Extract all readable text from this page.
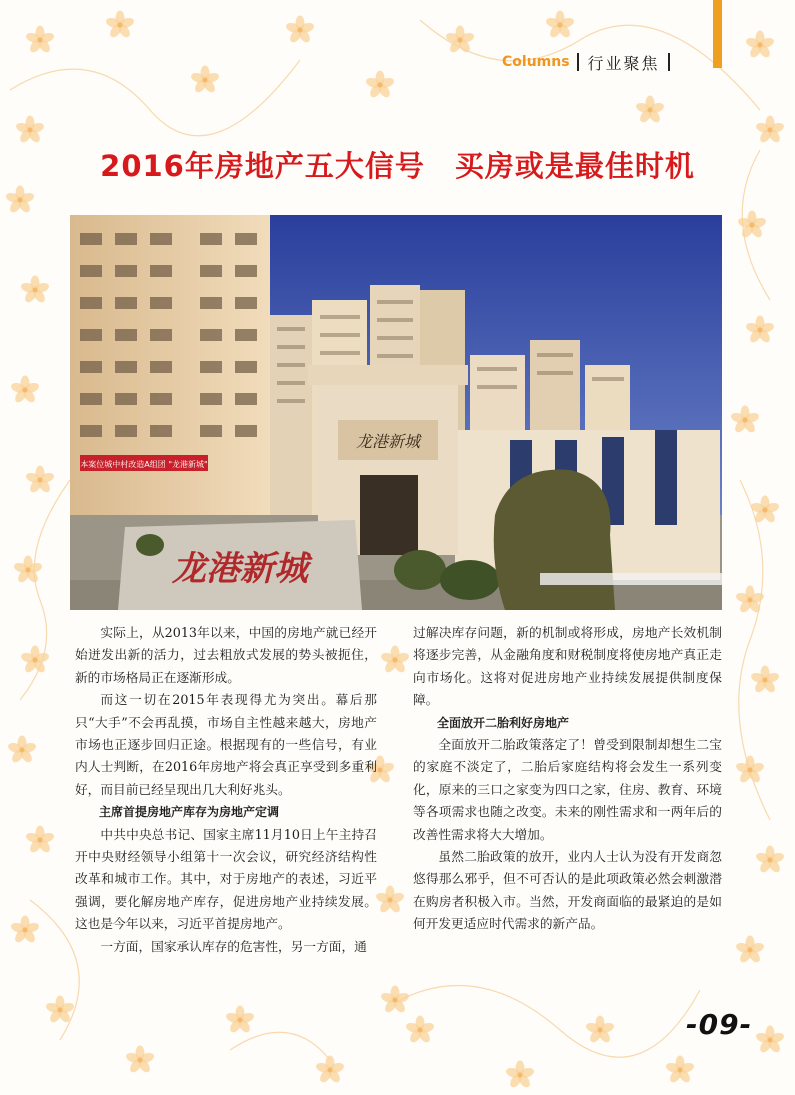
Columns 行业聚焦
2016年房地产五大信号　买房或是最佳时机
本案位城中村改造A组团 "龙港新城"
龙港新城
龙港新城

实际上，从2013年以来，中国的房地产就已经开始迸发出新的活力，过去粗放式发展的势头被扼住，新的市场格局正在逐渐形成。

而这一切在2015年表现得尤为突出。幕后那只“大手”不会再乱摸，市场自主性越来越大，房地产市场也正逐步回归正途。根据现有的一些信号，有业内人士判断，在2016年房地产将会真正享受到多重利好，而目前已经呈现出几大利好兆头。

主席首提房地产库存为房地产定调

中共中央总书记、国家主席11月10日上午主持召开中央财经领导小组第十一次会议，研究经济结构性改革和城市工作。其中，对于房地产的表述，习近平强调，要化解房地产库存，促进房地产业持续发展。这也是今年以来，习近平首提房地产。

一方面，国家承认库存的危害性，另一方面，通

过解决库存问题，新的机制或将形成，房地产长效机制将逐步完善，从金融角度和财税制度将使房地产真正走向市场化。这将对促进房地产业持续发展提供制度保障。

全面放开二胎利好房地产

全面放开二胎政策落定了！曾受到限制却想生二宝的家庭不淡定了，二胎后家庭结构将会发生一系列变化，原来的三口之家变为四口之家，住房、教育、环境等各项需求也随之改变。未来的刚性需求和一两年后的改善性需求将大大增加。

虽然二胎政策的放开，业内人士认为没有开发商忽悠得那么邪乎，但不可否认的是此项政策必然会刺激潜在购房者积极入市。当然，开发商面临的最紧迫的是如何开发更适应时代需求的新产品。

-09-
